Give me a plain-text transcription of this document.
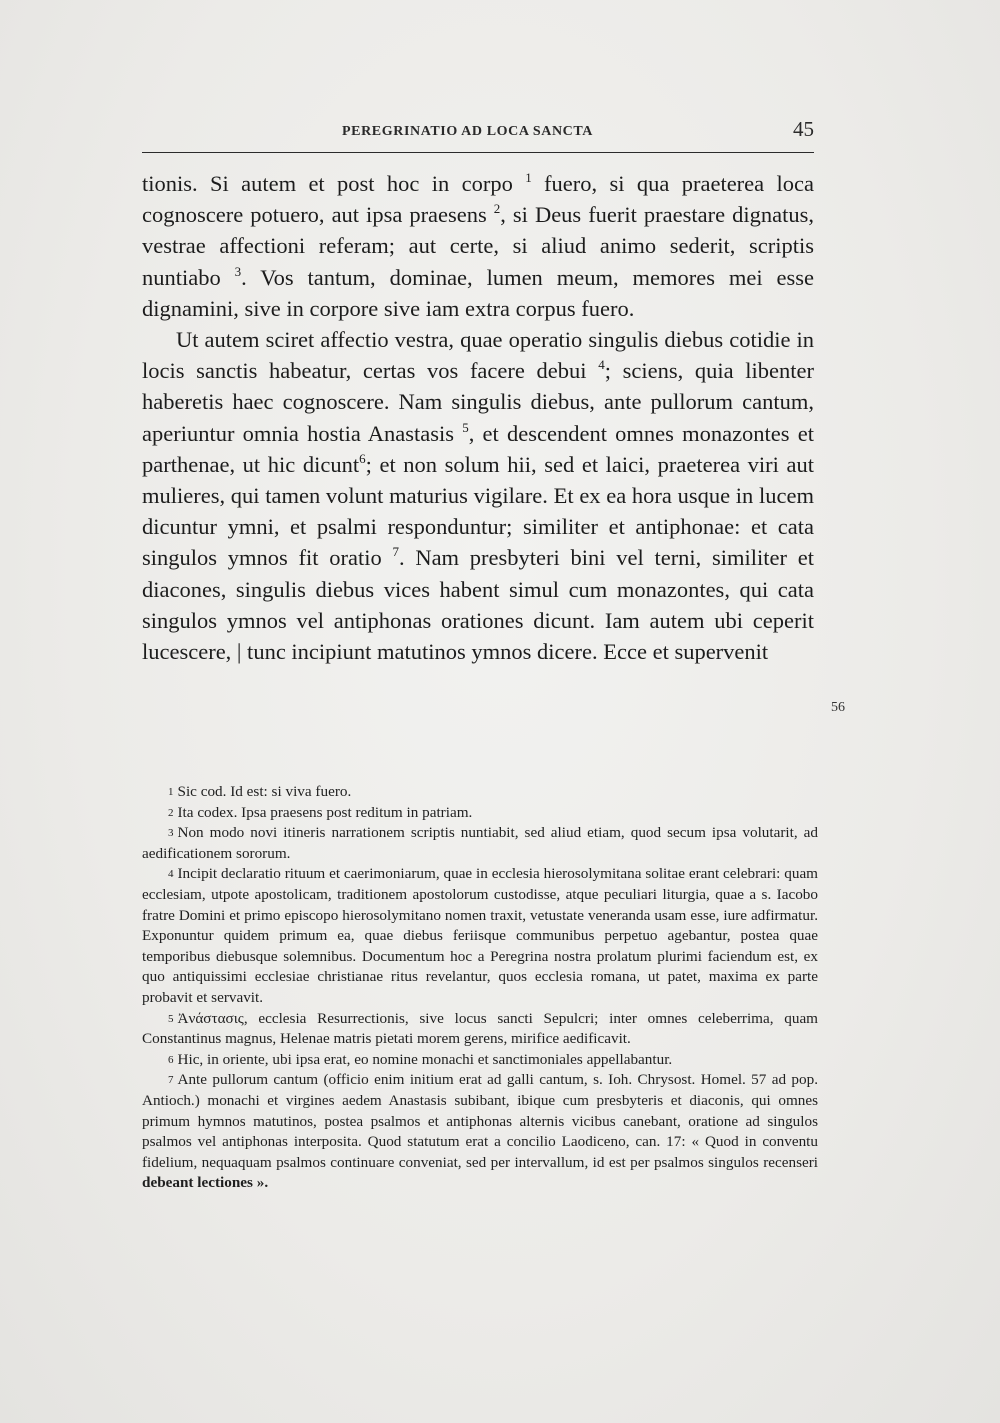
PEREGRINATIO AD LOCA SANCTA	45

tionis. Si autem et post hoc in corpo $^1$ fuero, si qua praeterea loca cognoscere potuero, aut ipsa praesens $^2$, si Deus fuerit praestare dignatus, vestrae affectioni referam; aut certe, si aliud animo sederit, scriptis nuntiabo $^3$. Vos tantum, dominae, lumen meum, memores mei esse dignamini, sive in corpore sive iam extra corpus fuero.

Ut autem sciret affectio vestra, quae operatio singulis diebus cotidie in locis sanctis habeatur, certas vos facere debui $^4$; sciens, quia libenter haberetis haec cognoscere. Nam singulis diebus, ante pullorum cantum, aperiuntur omnia hostia Anastasis $^5$, et descendent omnes monazontes et parthenae, ut hic dicunt$^6$; et non solum hii, sed et laici, praeterea viri aut mulieres, qui tamen volunt maturius vigilare. Et ex ea hora usque in lucem dicuntur ymni, et psalmi responduntur; similiter et antiphonae: et cata singulos ymnos fit oratio $^7$. Nam presbyteri bini vel terni, similiter et diacones, singulis diebus vices habent simul cum monazontes, qui cata singulos ymnos vel antiphonas orationes dicunt. Iam autem ubi ceperit lucescere, | tunc incipiunt matutinos ymnos dicere. Ecce et supervenit

56

1 Sic cod. Id est: si viva fuero.

2 Ita codex. Ipsa praesens post reditum in patriam.

3 Non modo novi itineris narrationem scriptis nuntiabit, sed aliud etiam, quod secum ipsa volutarit, ad aedificationem sororum.

4 Incipit declaratio rituum et caerimoniarum, quae in ecclesia hierosolymitana solitae erant celebrari: quam ecclesiam, utpote apostolicam, traditionem apostolorum custodisse, atque peculiari liturgia, quae a s. Iacobo fratre Domini et primo episcopo hierosolymitano nomen traxit, vetustate veneranda usam esse, iure adfirmatur. Exponuntur quidem primum ea, quae diebus feriisque communibus perpetuo agebantur, postea quae temporibus diebusque solemnibus. Documentum hoc a Peregrina nostra prolatum plurimi faciendum est, ex quo antiquissimi ecclesiae christianae ritus revelantur, quos ecclesia romana, ut patet, maxima ex parte probavit et servavit.

5 Ἀνάστασις, ecclesia Resurrectionis, sive locus sancti Sepulcri; inter omnes celeberrima, quam Constantinus magnus, Helenae matris pietati morem gerens, mirifice aedificavit.

6 Hic, in oriente, ubi ipsa erat, eo nomine monachi et sanctimoniales appellabantur.

7 Ante pullorum cantum (officio enim initium erat ad galli cantum, s. Ioh. Chrysost. Homel. 57 ad pop. Antioch.) monachi et virgines aedem Anastasis subibant, ibique cum presbyteris et diaconis, qui omnes primum hymnos matutinos, postea psalmos et antiphonas alternis vicibus canebant, oratione ad singulos psalmos vel antiphonas interposita. Quod statutum erat a concilio Laodiceno, can. 17: « Quod in conventu fidelium, nequaquam psalmos continuare conveniat, sed per intervallum, id est per psalmos singulos recenseri debeant lectiones ».
